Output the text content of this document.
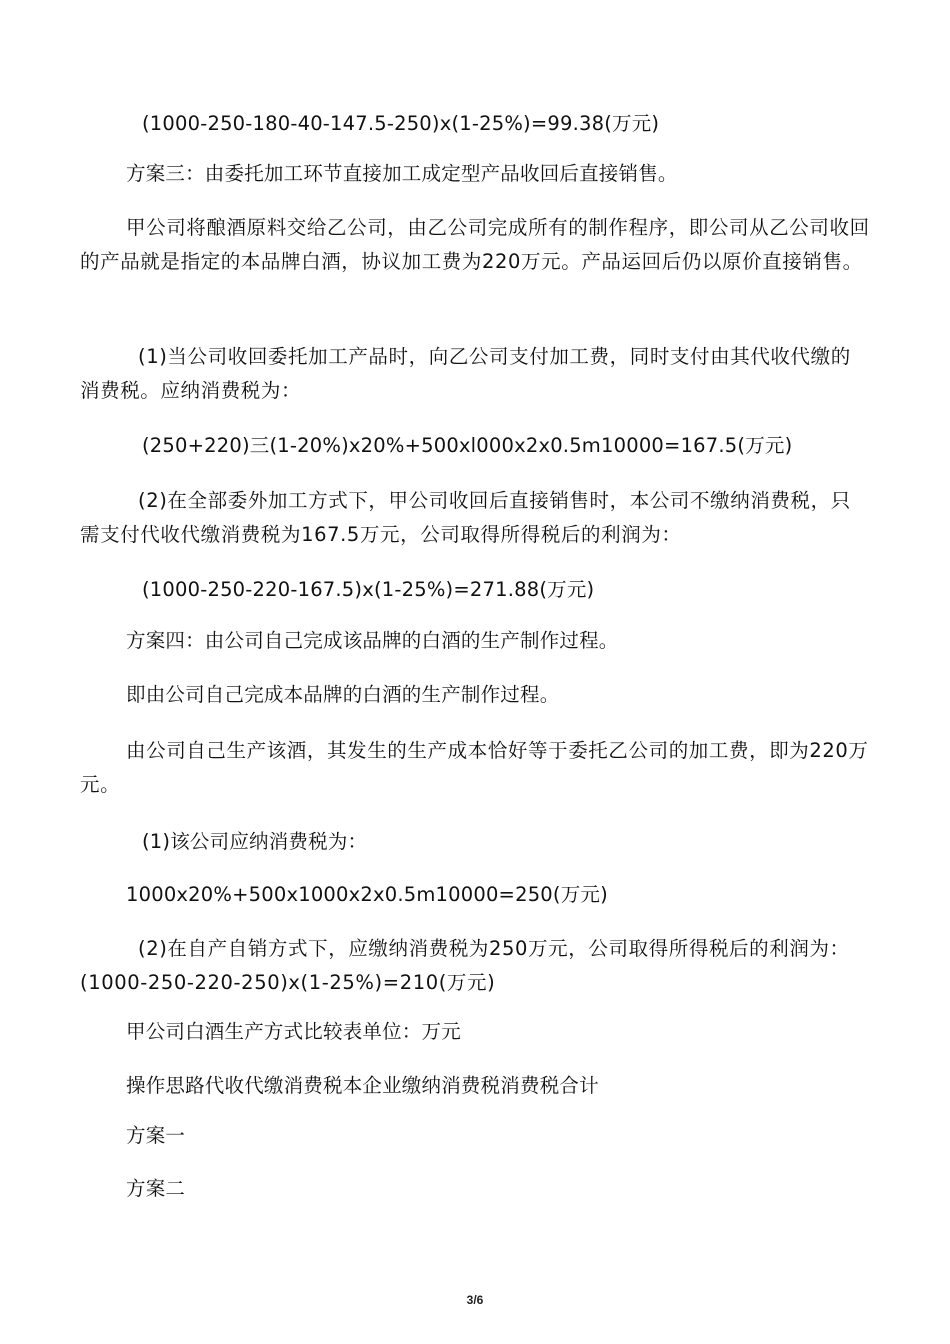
(1000-250-180-40-147.5-250)x(1-25%)=99.38(万元)

方案三：由委托加工环节直接加工成定型产品收回后直接销售。

甲公司将酿酒原料交给乙公司，由乙公司完成所有的制作程序，即公司从乙公司收回的产品就是指定的本品牌白酒，协议加工费为220万元。产品运回后仍以原价直接销售。

(1)当公司收回委托加工产品时，向乙公司支付加工费，同时支付由其代收代缴的消费税。应纳消费税为：

(250+220)三(1-20%)x20%+500xl000x2x0.5m10000=167.5(万元)

(2)在全部委外加工方式下，甲公司收回后直接销售时，本公司不缴纳消费税，只需支付代收代缴消费税为167.5万元，公司取得所得税后的利润为：

(1000-250-220-167.5)x(1-25%)=271.88(万元)

方案四：由公司自己完成该品牌的白酒的生产制作过程。

即由公司自己完成本品牌的白酒的生产制作过程。

由公司自己生产该酒，其发生的生产成本恰好等于委托乙公司的加工费，即为220万元。

(1)该公司应纳消费税为：

1000x20%+500x1000x2x0.5m10000=250(万元)

(2)在自产自销方式下，应缴纳消费税为250万元，公司取得所得税后的利润为：(1000-250-220-250)x(1-25%)=210(万元)

甲公司白酒生产方式比较表单位：万元

操作思路代收代缴消费税本企业缴纳消费税消费税合计

方案一

方案二

3/6
